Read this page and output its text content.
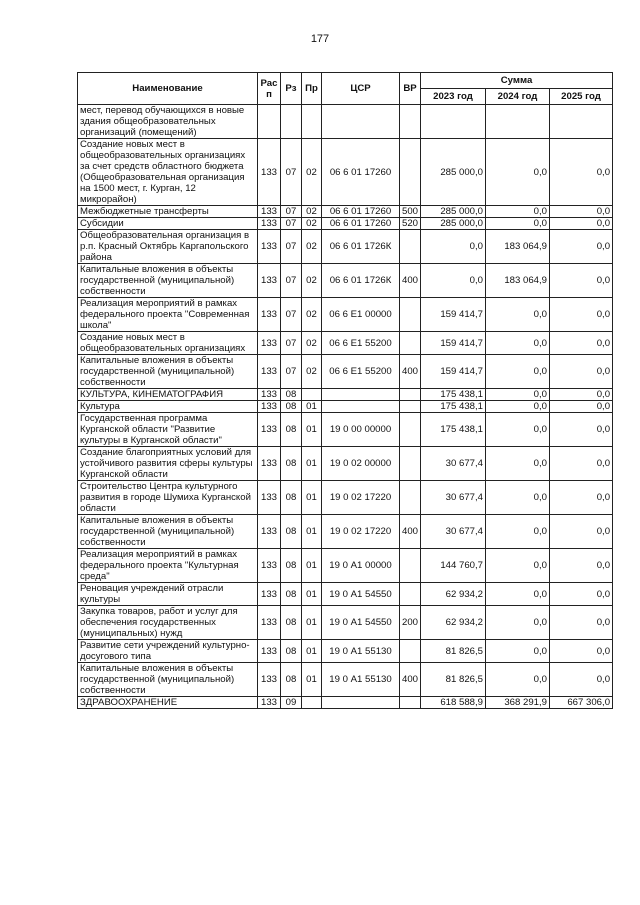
177
Наименование	Рас п	Рз	Пр	ЦСР	ВР	Сумма		
						2023 год	2024 год	2025 год
мест, перевод обучающихся в новые здания общеобразовательных организаций (помещений)								
Создание новых мест в общеобразовательных организациях за счет средств областного бюджета (Общеобразовательная организация на 1500 мест, г. Курган, 12 микрорайон)	133	07	02	06 6 01 17260		285 000,0	0,0	0,0
Межбюджетные трансферты	133	07	02	06 6 01 17260	500	285 000,0	0,0	0,0
Субсидии	133	07	02	06 6 01 17260	520	285 000,0	0,0	0,0
Общеобразовательная организация в р.п. Красный Октябрь Каргапольского района	133	07	02	06 6 01 1726К		0,0	183 064,9	0,0
Капитальные вложения в объекты государственной (муниципальной) собственности	133	07	02	06 6 01 1726К	400	0,0	183 064,9	0,0
Реализация мероприятий в рамках федерального проекта "Современная школа"	133	07	02	06 6 Е1 00000		159 414,7	0,0	0,0
Создание новых мест в общеобразовательных организациях	133	07	02	06 6 Е1 55200		159 414,7	0,0	0,0
Капитальные вложения в объекты государственной (муниципальной) собственности	133	07	02	06 6 Е1 55200	400	159 414,7	0,0	0,0
КУЛЬТУРА, КИНЕМАТОГРАФИЯ	133	08				175 438,1	0,0	0,0
Культура	133	08	01			175 438,1	0,0	0,0
Государственная программа Курганской области "Развитие культуры в Курганской области"	133	08	01	19 0 00 00000		175 438,1	0,0	0,0
Создание благоприятных условий для устойчивого развития сферы культуры Курганской области	133	08	01	19 0 02 00000		30 677,4	0,0	0,0
Строительство Центра культурного развития в городе Шумиха Курганской области	133	08	01	19 0 02 17220		30 677,4	0,0	0,0
Капитальные вложения в объекты государственной (муниципальной) собственности	133	08	01	19 0 02 17220	400	30 677,4	0,0	0,0
Реализация мероприятий в рамках федерального проекта "Культурная среда"	133	08	01	19 0 А1 00000		144 760,7	0,0	0,0
Реновация учреждений отрасли культуры	133	08	01	19 0 А1 54550		62 934,2	0,0	0,0
Закупка товаров, работ и услуг для обеспечения государственных (муниципальных) нужд	133	08	01	19 0 А1 54550	200	62 934,2	0,0	0,0
Развитие сети учреждений культурно-досугового типа	133	08	01	19 0 А1 55130		81 826,5	0,0	0,0
Капитальные вложения в объекты государственной (муниципальной) собственности	133	08	01	19 0 А1 55130	400	81 826,5	0,0	0,0
ЗДРАВООХРАНЕНИЕ	133	09				618 588,9	368 291,9	667 306,0
